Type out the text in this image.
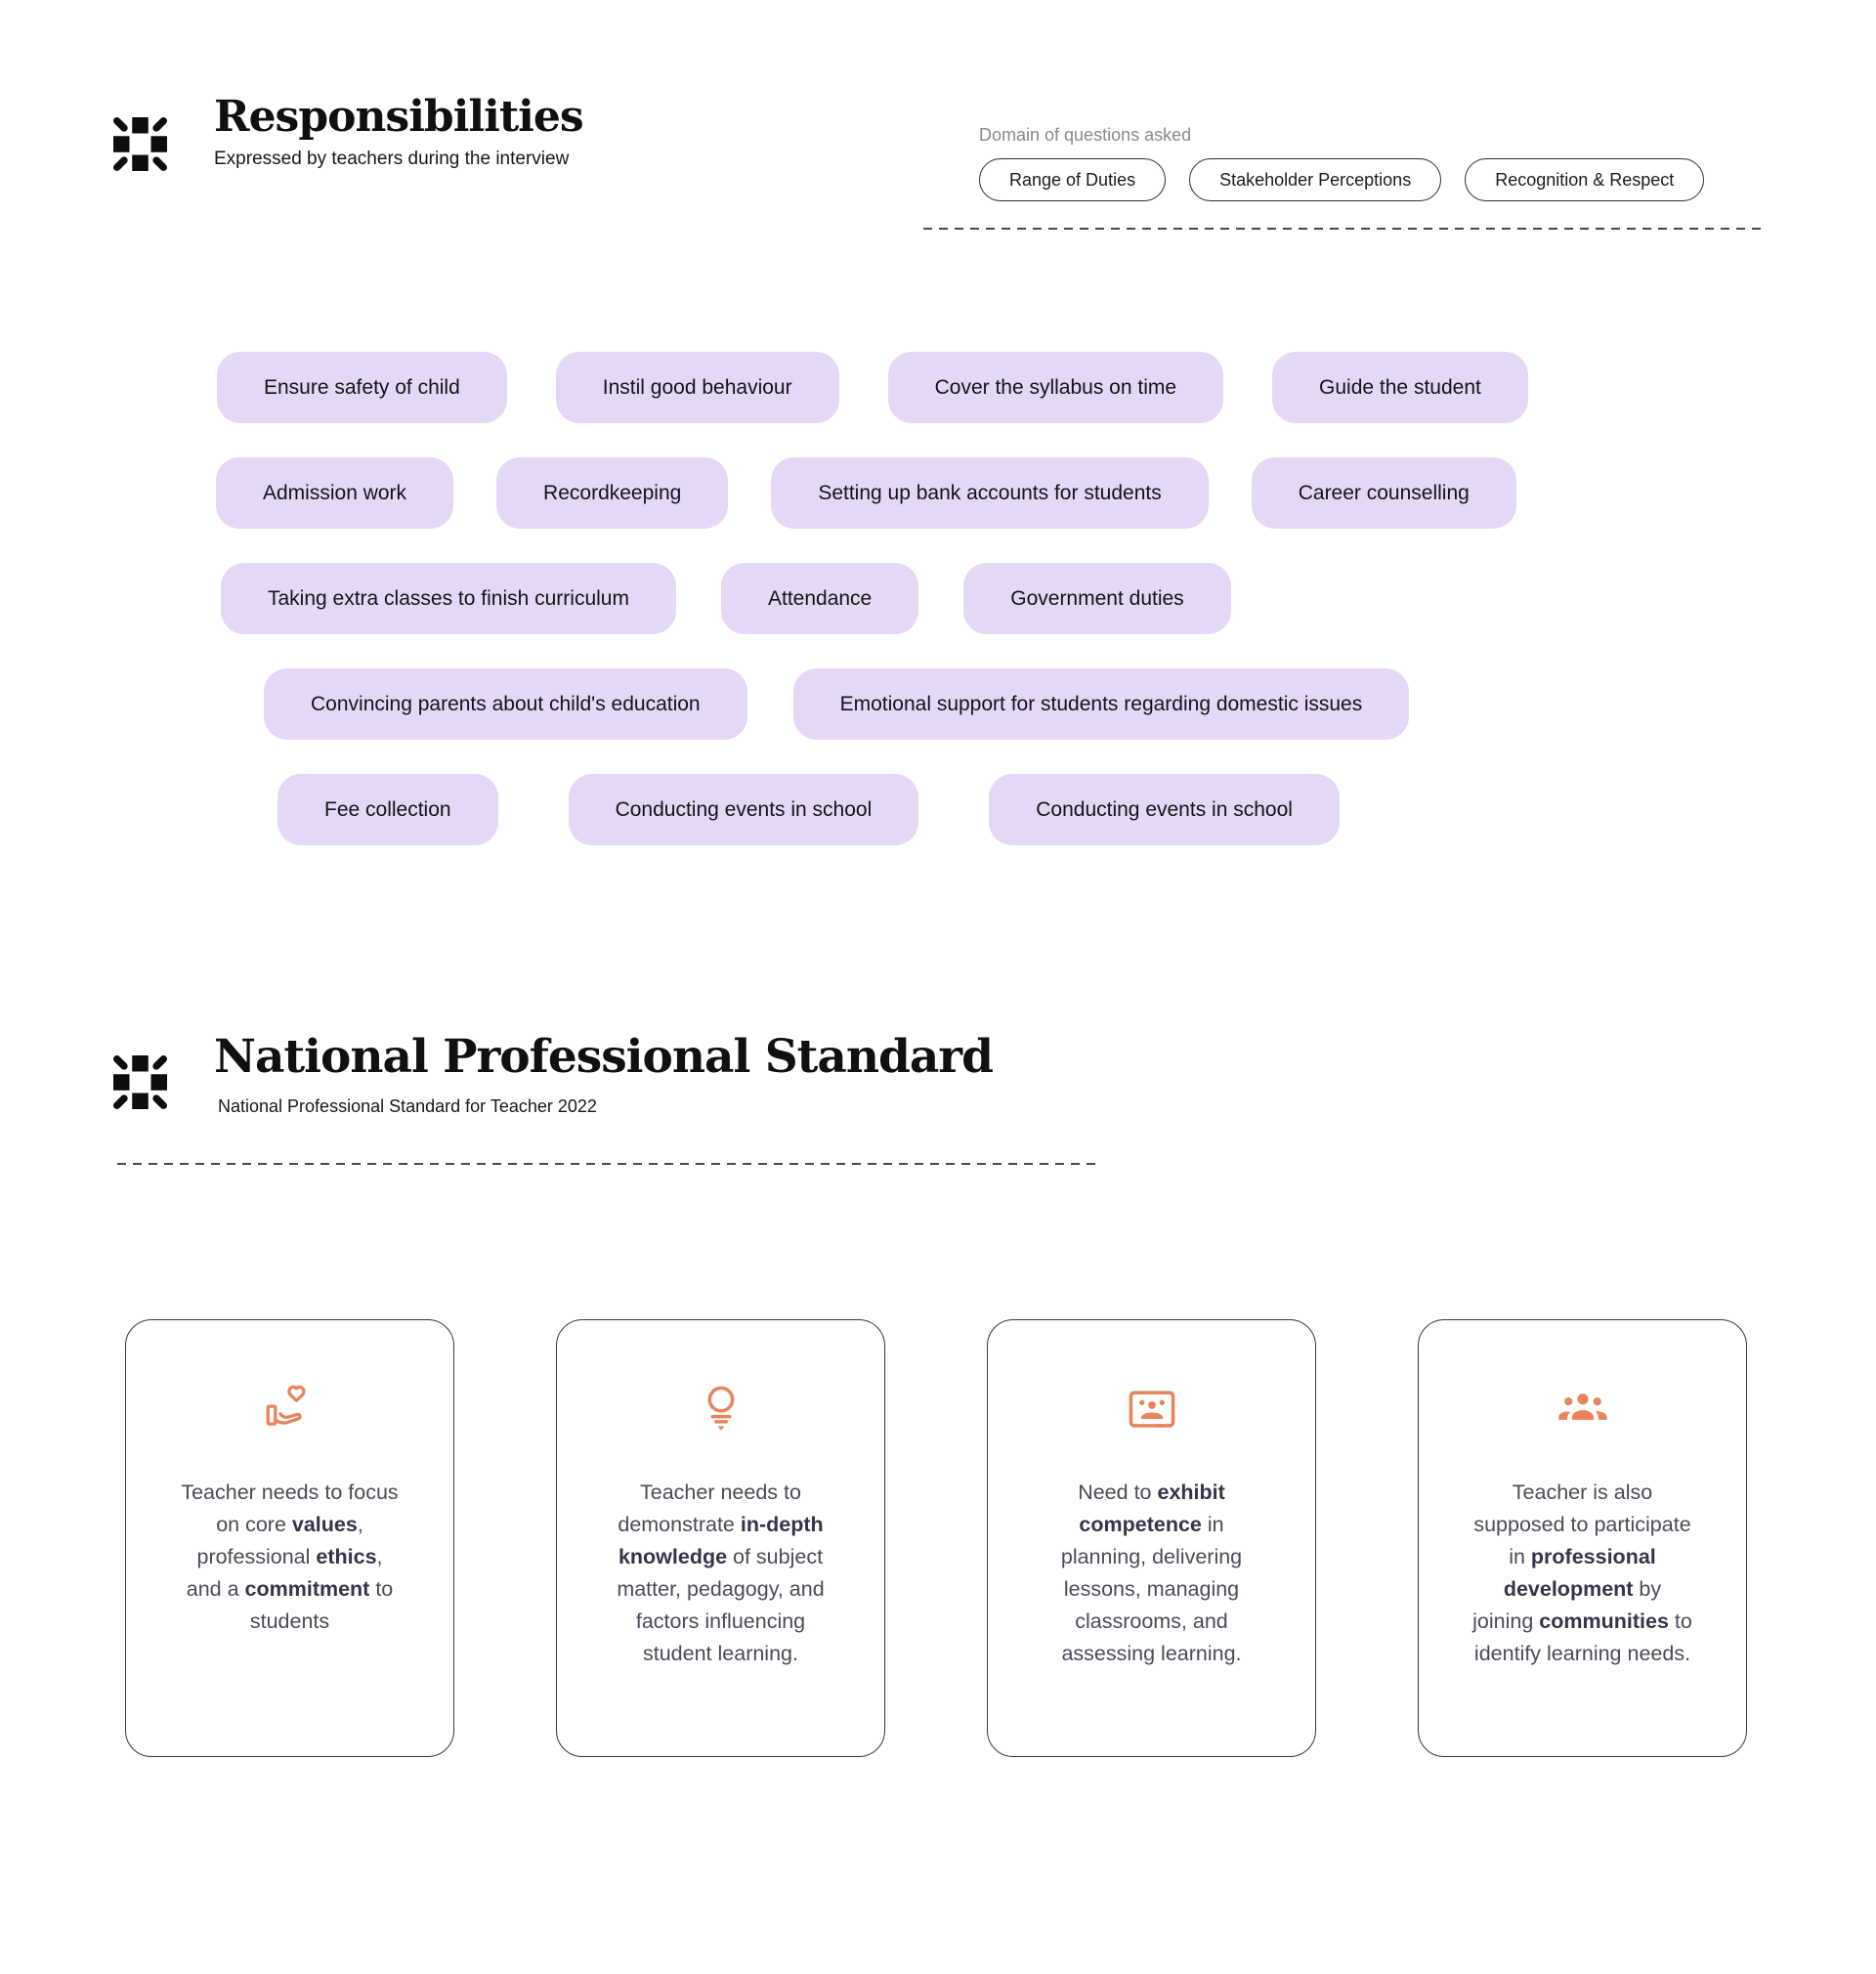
Responsibilities
Expressed by teachers during the interview
Domain of questions asked
Range of Duties	Stakeholder Perceptions	Recognition & Respect
Ensure safety of child	Instil good behaviour	Cover the syllabus on time	Guide the student
Admission work	Recordkeeping	Setting up bank accounts for students	Career counselling
Taking extra classes to finish curriculum	Attendance	Government duties
Convincing parents about child's education	Emotional support for students regarding domestic issues
Fee collection	Conducting events in school	Conducting events in school
National Professional Standard
National Professional Standard for Teacher 2022
Teacher needs to focus
on core values,
professional ethics,
and a commitment to
students
Teacher needs to
demonstrate in-depth
knowledge of subject
matter, pedagogy, and
factors influencing
student learning.
Need to exhibit
competence in
planning, delivering
lessons, managing
classrooms, and
assessing learning.
Teacher is also
supposed to participate
in professional
development by
joining communities to
identify learning needs.
